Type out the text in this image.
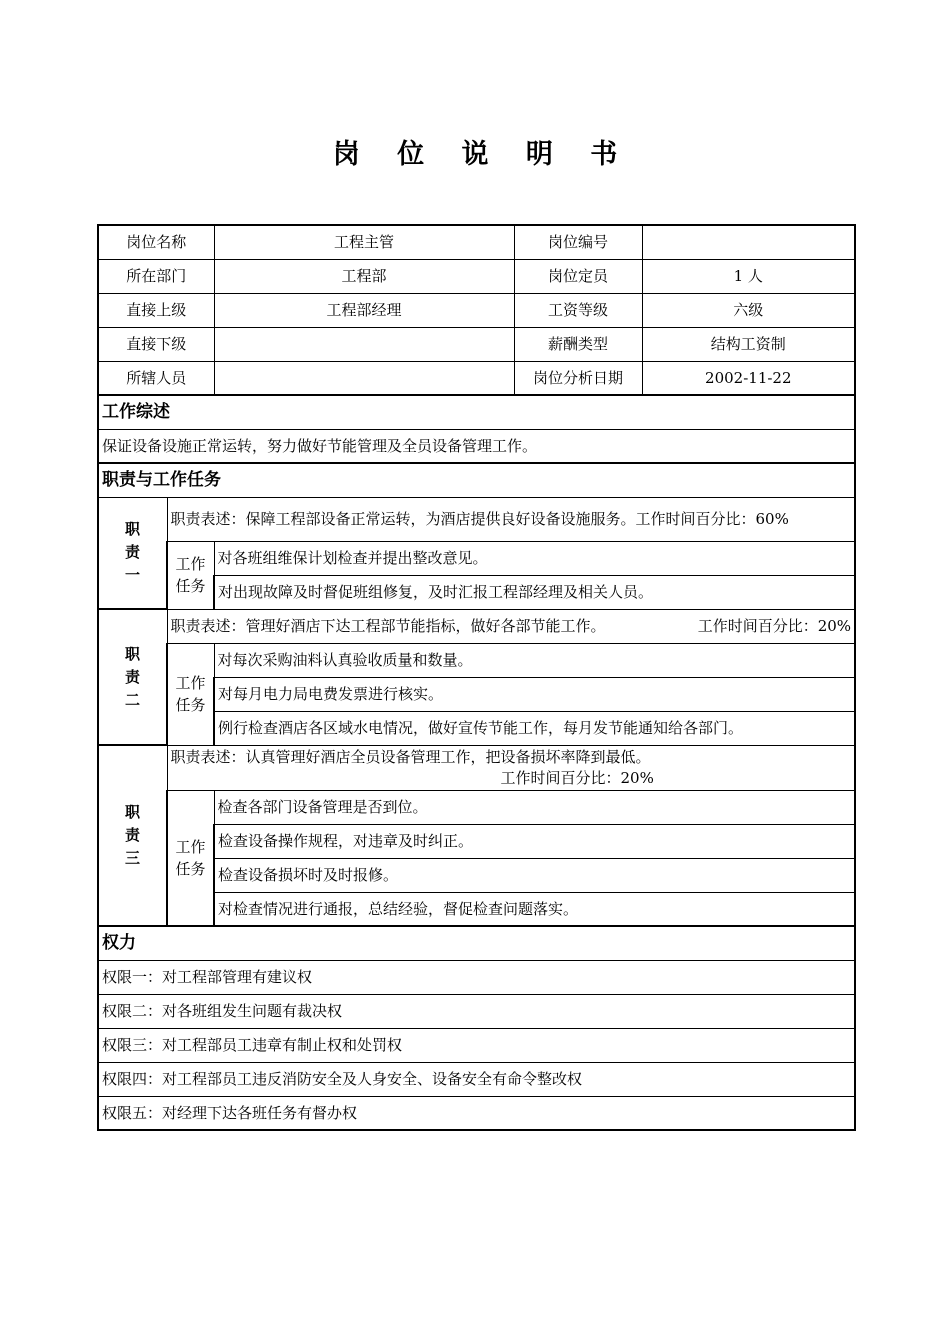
岗 位 说 明 书
岗位名称		工程主管	岗位编号	
所在部门		工程部	岗位定员	1 人
直接上级		工程部经理	工资等级	六级
直接下级			薪酬类型	结构工资制
所辖人员			岗位分析日期	2002-11-22
工作综述				
保证设备设施正常运转，努力做好节能管理及全员设备管理工作。				
职责与工作任务				

职
责
一	职责表述：保障工程部设备正常运转，为酒店提供良好设备设施服务。工作时间百分比：60%			

	工作
任务	对各班组维保计划检查并提出整改意见。		
		对出现故障及时督促班组修复，及时汇报工程部经理及相关人员。		

职
责
二	职责表述：管理好酒店下达工程部节能指标，做好各部节能工作。 工作时间百分比：20%			

	工作
任务	对每次采购油料认真验收质量和数量。		
		对每月电力局电费发票进行核实。		
		例行检查酒店各区域水电情况，做好宣传节能工作，每月发节能通知给各部门。		

职
责
三	职责表述：认真管理好酒店全员设备管理工作，把设备损坏率降到最低。
工作时间百分比：20%			

	工作
任务	检查各部门设备管理是否到位。		
		检查设备操作规程，对违章及时纠正。		
		检查设备损坏时及时报修。		
		对检查情况进行通报，总结经验，督促检查问题落实。		
权力				
权限一：对工程部管理有建议权				
权限二：对各班组发生问题有裁决权				
权限三：对工程部员工违章有制止权和处罚权				
权限四：对工程部员工违反消防安全及人身安全、设备安全有命令整改权				
权限五：对经理下达各班任务有督办权				
